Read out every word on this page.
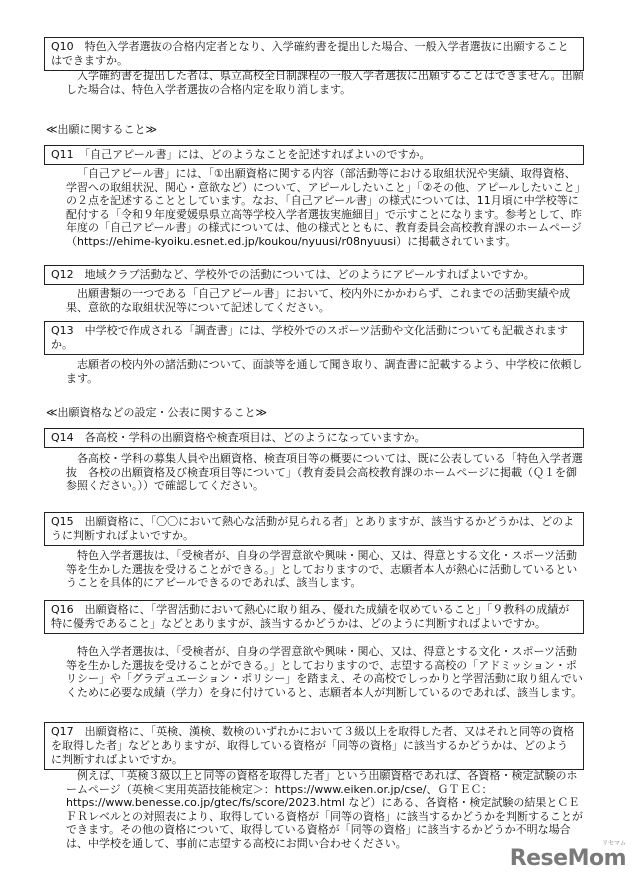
Q10　特色入学者選抜の合格内定者となり、入学確約書を提出した場合、一般入学者選抜に出願することはできますか。
入学確約書を提出した者は、県立高校全日制課程の一般入学者選抜に出願することはできません。出願した場合は、特色入学者選抜の合格内定を取り消します。
≪出願に関すること≫
Q11　「自己アピール書」には、どのようなことを記述すればよいのですか。
「自己アピール書」には、「①出願資格に関する内容（部活動等における取組状況や実績、取得資格、学習への取組状況、関心・意欲など）について、アピールしたいこと」「②その他、アピールしたいこと」の２点を記述することとしています。なお、「自己アピール書」の様式については、11月頃に中学校等に配付する「令和９年度愛媛県県立高等学校入学者選抜実施細目」で示すことになります。参考として、昨年度の「自己アピール書」の様式については、他の様式とともに、教育委員会高校教育課のホームページ（https://ehime-kyoiku.esnet.ed.jp/koukou/nyuusi/r08nyuusi）に掲載されています。
Q12　地域クラブ活動など、学校外での活動については、どのようにアピールすればよいですか。
出願書類の一つである「自己アピール書」において、校内外にかかわらず、これまでの活動実績や成果、意欲的な取組状況等について記述してください。
Q13　中学校で作成される「調査書」には、学校外でのスポーツ活動や文化活動についても記載されますか。
志願者の校内外の諸活動について、面談等を通して聞き取り、調査書に記載するよう、中学校に依頼します。
≪出願資格などの設定・公表に関すること≫
Q14　各高校・学科の出願資格や検査項目は、どのようになっていますか。
各高校・学科の募集人員や出願資格、検査項目等の概要については、既に公表している「特色入学者選抜　各校の出願資格及び検査項目等について」（教育委員会高校教育課のホームページに掲載（Ｑ１を御参照ください。））で確認してください。
Q15　出願資格に、「〇〇において熱心な活動が見られる者」とありますが、該当するかどうかは、どのように判断すればよいですか。
特色入学者選抜は、「受検者が、自身の学習意欲や興味・関心、又は、得意とする文化・スポーツ活動等を生かした選抜を受けることができる。」としておりますので、志願者本人が熱心に活動しているということを具体的にアピールできるのであれば、該当します。
Q16　出願資格に、「学習活動において熱心に取り組み、優れた成績を収めていること」「９教科の成績が特に優秀であること」などとありますが、該当するかどうかは、どのように判断すればよいですか。
特色入学者選抜は、「受検者が、自身の学習意欲や興味・関心、又は、得意とする文化・スポーツ活動等を生かした選抜を受けることができる。」としておりますので、志望する高校の「アドミッション・ポリシー」や「グラデュエーション・ポリシー」を踏まえ、その高校でしっかりと学習活動に取り組んでいくために必要な成績（学力）を身に付けていると、志願者本人が判断しているのであれば、該当します。
Q17　出願資格に、「英検、漢検、数検のいずれかにおいて３級以上を取得した者、又はそれと同等の資格を取得した者」などとありますが、取得している資格が「同等の資格」に該当するかどうかは、どのように判断すればよいですか。
例えば、「英検３級以上と同等の資格を取得した者」という出願資格であれば、各資格・検定試験のホームページ（英検＜実用英語技能検定＞：https://www.eiken.or.jp/cse/、ＧＴＥＣ：https://www.benesse.co.jp/gtec/fs/score/2023.html など）にある、各資格・検定試験の結果とＣＥＦＲレベルとの対照表により、取得している資格が「同等の資格」に該当するかどうかを判断することができます。その他の資格について、取得している資格が「同等の資格」に該当するかどうか不明な場合は、中学校を通して、事前に志望する高校にお問い合わせください。	リセマム
ReseMom
